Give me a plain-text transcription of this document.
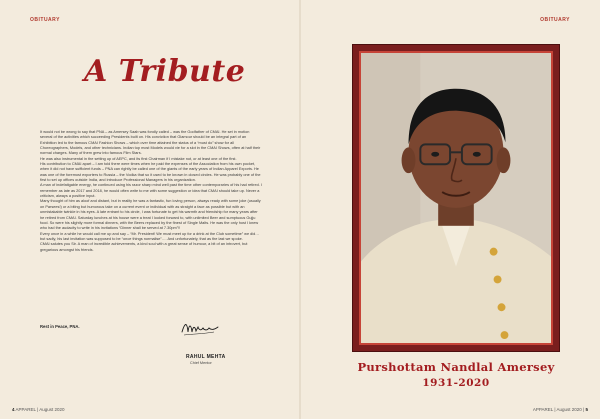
OBITUARY
A Tribute

It would not be wrong to say that PNA – as Amersey Saab was fondly called – was the Godfather of CMAI. He set in motion several of the activities which succeeding Presidents built on. His conviction that Glamour should be an integral part of an Exhibition led to the famous CMAI Fashion Shows – which over time attained the status of a “must do” show for all Choreographers, Models, and other technicians. Indian top most Models would vie for a slot in the CMAI Shows, often at half their normal charges. Many of them grew into famous Film Stars.

He was also instrumental in the setting up of AEPC, and its first Chairman if I mistake not, or at least one of the first.

His contribution to CMAI apart – I am told there were times when he paid the expenses of the Association from his own pocket, when it did not have sufficient funds – PNA can rightly be called one of the giants of the early years of Indian Apparel Exports. He was one of the foremost exporters to Russia – the Vodka that so it used to be known in closed circles. He was probably one of the first to set up offices outside India, and introduce Professional Managers in his organization.

A man of indefatigable energy, he continued using his razor sharp mind well past the time other contemporaries of his had retired. I remember as late as 2017 and 2018, he would often write to me with some suggestion or idea that CMAI should take up. Never a criticism, always a positive input.

Many thought of him as aloof and distant, but in reality he was a fantastic, fun loving person, always ready with some joke (usually on Parsees!) or a biting but humorous take on a current event or individual with as straight a face as possible but with an unmistakable twinkle in his eyes. A late entrant to his circle, I was fortunate to get his warmth and friendship for many years after he retired from CMAI. Saturday lunches at his house were a treat I looked forward to, with unlimited Beer and sumptuous Gujju food. So were his slightly more formal dinners, with the Beers replaced by the finest of Single Malts. He was the only host I knew who had the audacity to write in his invitations “Dinner shall be served at 7.30pm”!!

Every once in a while he would call me up and say – “Mr. President! We must meet up for a drink at the Club sometime” we did… but sadly, his last invitation was supposed to be “once things normalise”…. And unfortunately, that as the last we spoke.

CMAI salutes you Sir. A man of incredible achievements, a kind soul with a great sense of humour, a bit of an introvert, but gregarious amongst his friends.

Rest in Peace, PNA.
RAHUL MEHTA
Chief Mentor
4 APPAREL | August 2020
OBITUARY
Purshottam Nandlal Amersey
1931-2020
APPAREL | August 2020 | 5
